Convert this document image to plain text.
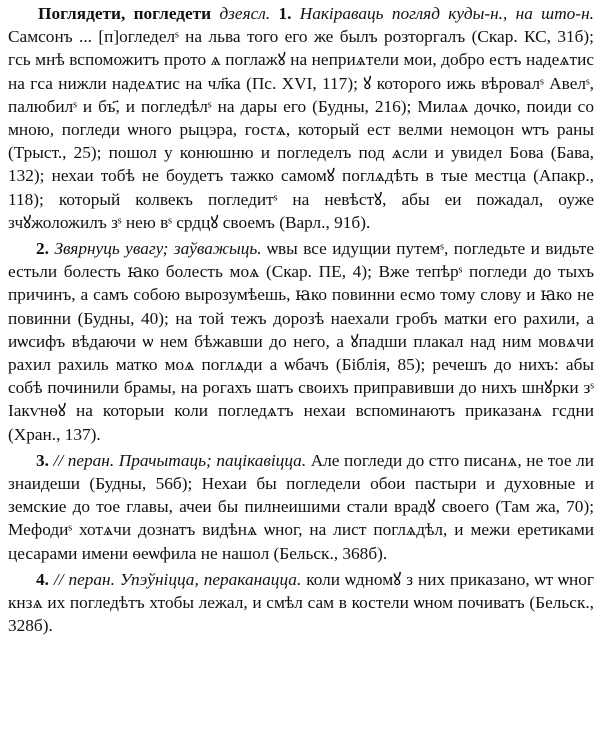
Поглядети, погледети дзеясл. 1. Накіраваць погляд куды-н., на што-н. Самсонъ ... [п]огледелˢ на льва того его же былъ розторгалъ (Скар. КС, 31б); гсь мнѣ вспоможитъ прото ѧ поглажꙋ на неприѧтели мои, добро естъ надеѧтис на гса нижли надеѧтис на чл҃ка (Пс. XVI, 117); ꙋ которого ижь вѣровалˢ Авелˢ, палюбилˢ и бъ҃, и погледѣлˢ на дары его (Будны, 216); Милаѧ дочко, поиди со мною, погледи ѡного рыцэра, гостѧ, который ест велми немоцон ѡтъ раны (Трыст., 25); пошол у конюшню и погледелъ под ѧсли и увидел Бова (Бава, 132); нехаи тобѣ не боудетъ тажко самомꙋ поглѧдѣть в тые местца (Апакр., 118); который колвекъ погледитˢ на невѣстꙋ, абы еи пожадал, оуже зчꙋжоложилъ зˢ нею вˢ срдцꙋ своемъ (Варл., 91б).

2. Звярнуць увагу; заўважыць. ѡвы все идущии путемˢ, погледьте и видьте естьли болесть ꙗко болесть моѧ (Скар. ПЕ, 4); Вже тепѣрˢ погледи до тыхъ причинъ, а самъ собою вырозумѣешь, ꙗко повинни есмо тому слову и ꙗко не повинни (Будны, 40); на той тежъ дорозѣ наехали гробъ матки его рахили, а иѡсифъ вѣдаючи ѡ нем бѣжавши до него, а ꙋпадши плакал над ним мовѧчи рахил рахиль матко моѧ поглѧди а ѡбачъ (Біблія, 85); речешъ до нихъ: абы собѣ починили брамы, на рогахъ шатъ своихъ приправивши до нихъ шнꙋрки зˢ Іакѵнѳꙋ на которыи коли погледѧтъ нехаи вспоминаютъ приказанѧ гсдни (Хран., 137).

3. // перан. Прачытаць; пацікавіцца. Але погледи до стго писанѧ, не тое ли знаидеши (Будны, 56б); Нехаи бы погледели обои пастыри и духовные и земские до тое главы, ачеи бы пилнеишими стали врадꙋ своего (Там жа, 70); Мефодиˢ хотѧчи дознатъ видѣнѧ ѡног, на лист поглѧдѣл, и межи еретиками цесарами имени ѳеѡфила не нашол (Бельск., 368б).

4. // перан. Упэўніцца, пераканацца. коли ѡдномꙋ з них приказано, ѡт ѡног кнзѧ их погледѣтъ хтобы лежал, и смѣл сам в костели ѡном почиватъ (Бельск., 328б).
